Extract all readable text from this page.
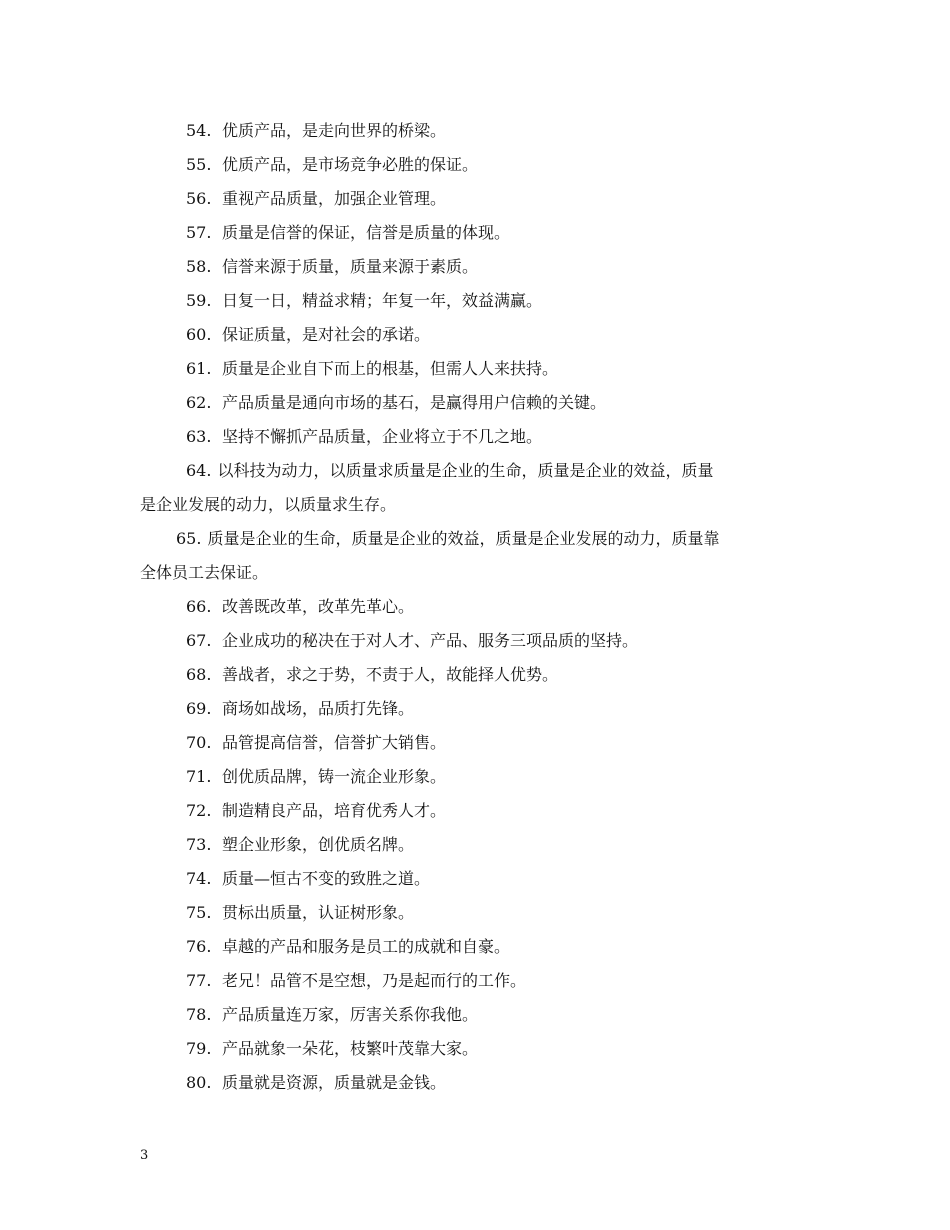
54. 优质产品，是走向世界的桥梁。
55. 优质产品，是市场竞争必胜的保证。
56. 重视产品质量，加强企业管理。
57. 质量是信誉的保证，信誉是质量的体现。
58. 信誉来源于质量，质量来源于素质。
59. 日复一日，精益求精；年复一年，效益满赢。
60. 保证质量，是对社会的承诺。
61. 质量是企业自下而上的根基，但需人人来扶持。
62. 产品质量是通向市场的基石，是赢得用户信赖的关键。
63. 坚持不懈抓产品质量，企业将立于不几之地。
64. 以科技为动力，以质量求质量是企业的生命，质量是企业的效益，质量
是企业发展的动力，以质量求生存。
65. 质量是企业的生命，质量是企业的效益，质量是企业发展的动力，质量靠
全体员工去保证。
66. 改善既改革，改革先革心。
67. 企业成功的秘决在于对人才、产品、服务三项品质的坚持。
68. 善战者，求之于势，不责于人，故能择人优势。
69. 商场如战场，品质打先锋。
70. 品管提高信誉，信誉扩大销售。
71. 创优质品牌，铸一流企业形象。
72. 制造精良产品，培育优秀人才。
73. 塑企业形象，创优质名牌。
74. 质量—恒古不变的致胜之道。
75. 贯标出质量，认证树形象。
76. 卓越的产品和服务是员工的成就和自豪。
77. 老兄！品管不是空想，乃是起而行的工作。
78. 产品质量连万家，厉害关系你我他。
79. 产品就象一朵花，枝繁叶茂靠大家。
80. 质量就是资源，质量就是金钱。
3
